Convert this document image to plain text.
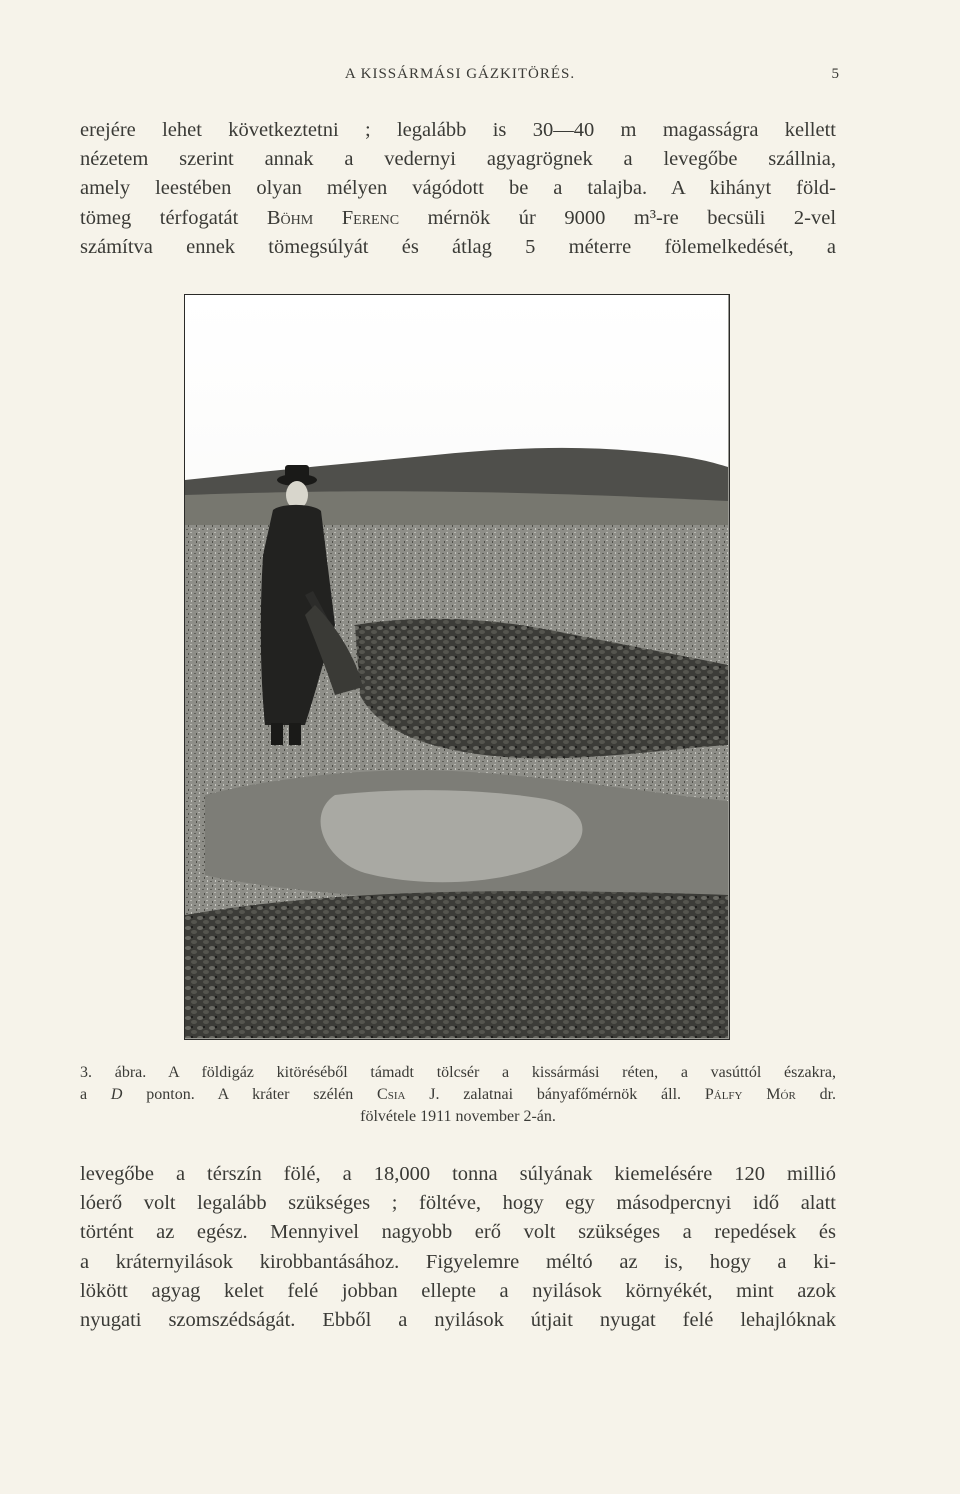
A KISSÁRMÁSI GÁZKITÖRÉS.	5
erejére lehet következtetni ; legalább is 30—40 m magasságra kellett
nézetem szerint annak a vedernyi agyagrögnek a levegőbe szállnia,
amely leestében olyan mélyen vágódott be a talajba. A kihányt föld-
tömeg térfogatát Böhm Ferenc mérnök úr 9000 m³-re becsüli 2-vel
számítva ennek tömegsúlyát és átlag 5 méterre fölemelkedését, a
3. ábra. A földigáz kitöréséből támadt tölcsér a kissármási réten, a vasúttól északra,
a D ponton. A kráter szélén Csia J. zalatnai bányafőmérnök áll. Pálfy Mór dr.
fölvétele 1911 november 2-án.
levegőbe a térszín fölé, a 18,000 tonna súlyának kiemelésére 120 millió
lóerő volt legalább szükséges ; föltéve, hogy egy másodpercnyi idő alatt
történt az egész. Mennyivel nagyobb erő volt szükséges a repedések és
a kráternyilások kirobbantásához. Figyelemre méltó az is, hogy a ki-
lökött agyag kelet felé jobban ellepte a nyilások környékét, mint azok
nyugati szomszédságát. Ebből a nyilások útjait nyugat felé lehajlóknak
